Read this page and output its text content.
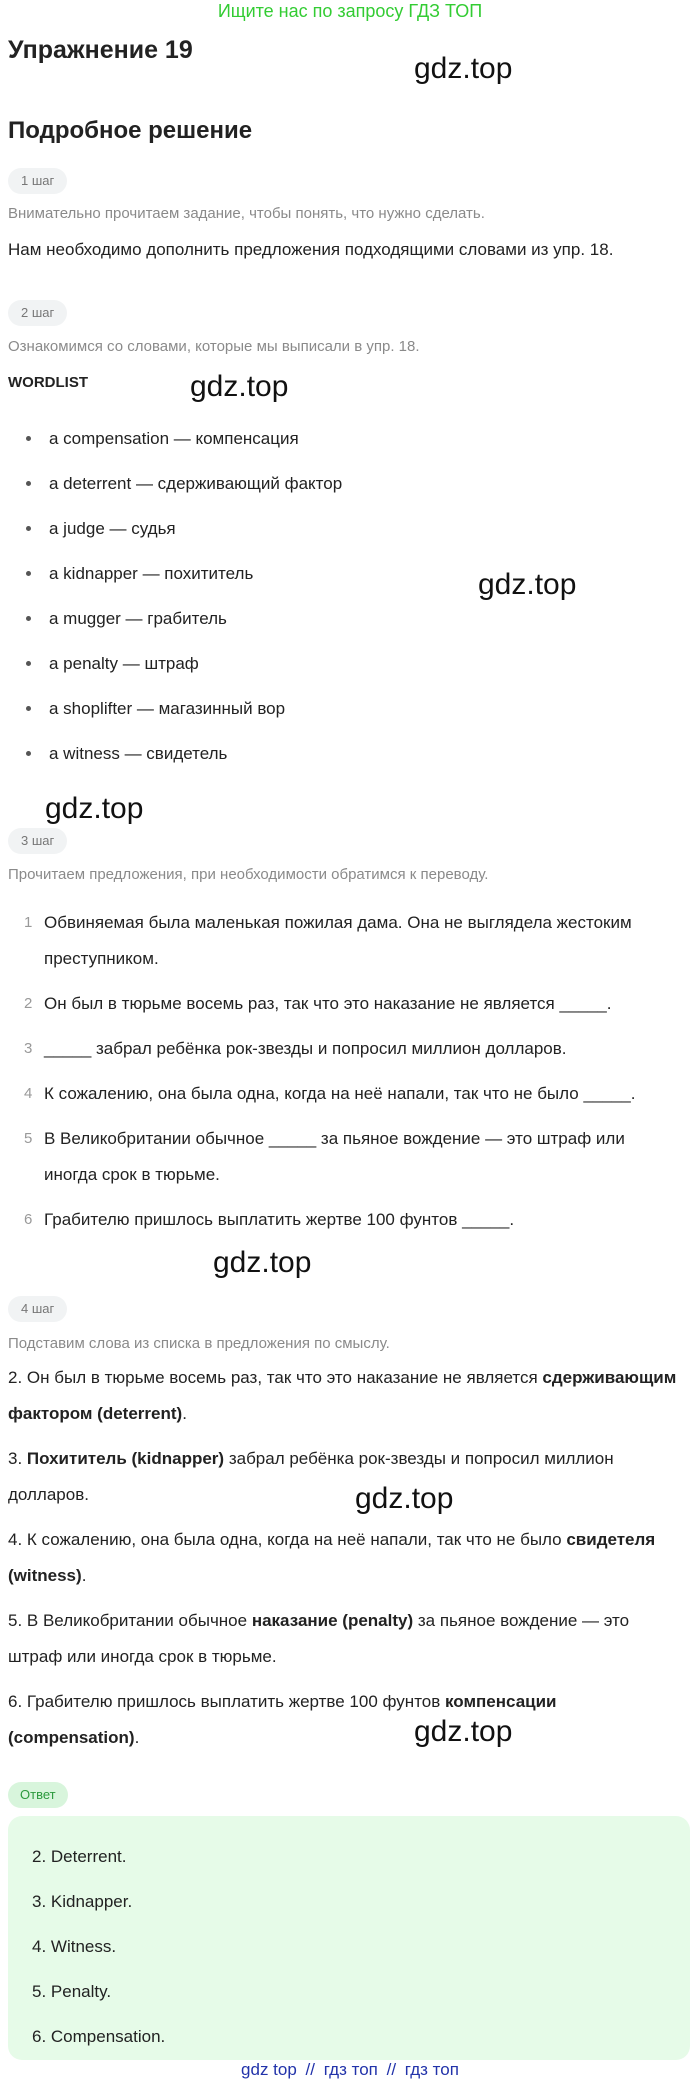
Ищите нас по запросу ГДЗ ТОП
Упражнение 19
Подробное решение
gdz.top
gdz.top
gdz.top
gdz.top
gdz.top
gdz.top
gdz.top
1 шаг
Внимательно прочитаем задание, чтобы понять, что нужно сделать.
Нам необходимо дополнить предложения подходящими словами из упр. 18.
2 шаг
Ознакомимся со словами, которые мы выписали в упр. 18.
WORDLIST
a compensation — компенсация
a deterrent — сдерживающий фактор
a judge — судья
a kidnapper — похититель
a mugger — грабитель
a penalty — штраф
a shoplifter — магазинный вор
a witness — свидетель
3 шаг
Прочитаем предложения, при необходимости обратимся к переводу.
1 Обвиняемая была маленькая пожилая дама. Она не выглядела жестоким преступником.
2 Он был в тюрьме восемь раз, так что это наказание не является _____.
3 _____ забрал ребёнка рок-звезды и попросил миллион долларов.
4 К сожалению, она была одна, когда на неё напали, так что не было _____.
5 В Великобритании обычное _____ за пьяное вождение — это штраф или иногда срок в тюрьме.
6 Грабителю пришлось выплатить жертве 100 фунтов _____.
4 шаг
Подставим слова из списка в предложения по смыслу.
2. Он был в тюрьме восемь раз, так что это наказание не является сдерживающим фактором (deterrent).
3. Похититель (kidnapper) забрал ребёнка рок-звезды и попросил миллион долларов.
4. К сожалению, она была одна, когда на неё напали, так что не было свидетеля (witness).
5. В Великобритании обычное наказание (penalty) за пьяное вождение — это штраф или иногда срок в тюрьме.
6. Грабителю пришлось выплатить жертве 100 фунтов компенсации (compensation).
Ответ
2. Deterrent.
3. Kidnapper.
4. Witness.
5. Penalty.
6. Compensation.
gdz top // гдз топ // гдз топ
